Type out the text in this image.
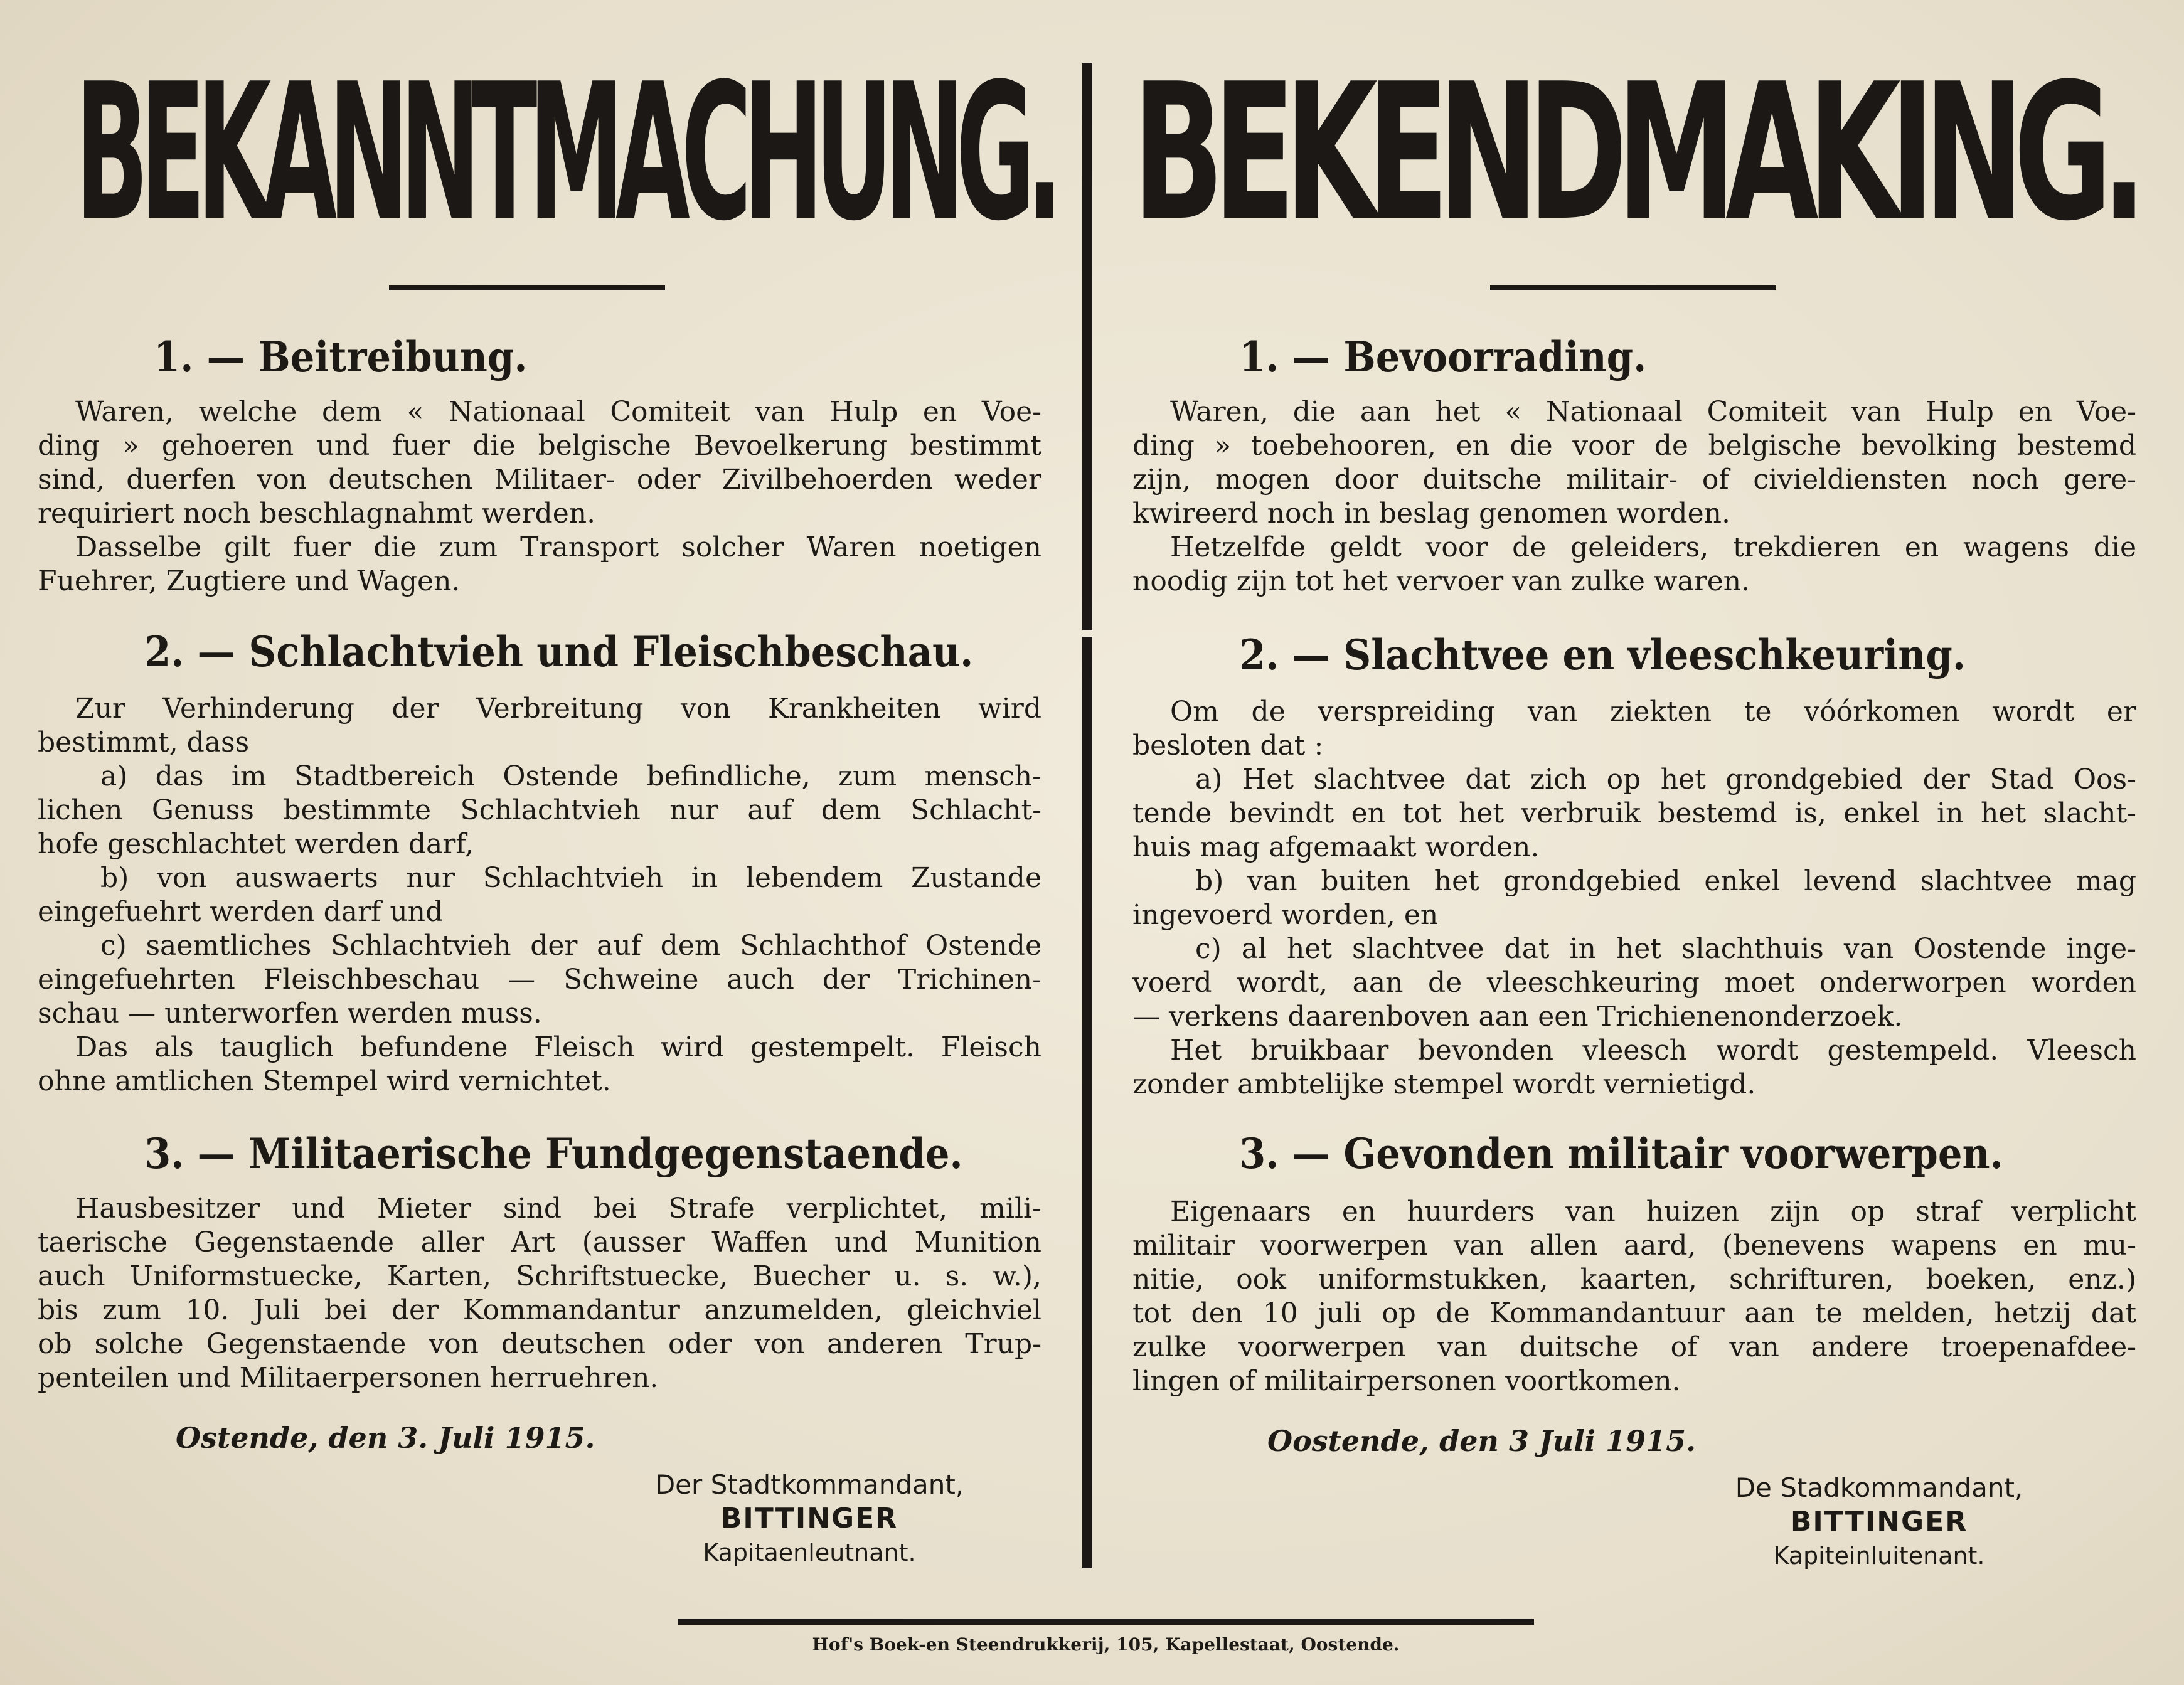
BEKANNTMACHUNG.
1. — Beitreibung.
Waren, welche dem « Nationaal Comiteit van Hulp en Voe-
ding » gehoeren und fuer die belgische Bevoelkerung bestimmt
sind, duerfen von deutschen Militaer- oder Zivilbehoerden weder
requiriert noch beschlagnahmt werden.
Dasselbe gilt fuer die zum Transport solcher Waren noetigen
Fuehrer, Zugtiere und Wagen.
2. — Schlachtvieh und Fleischbeschau.
Zur Verhinderung der Verbreitung von Krankheiten wird
bestimmt, dass
a) das im Stadtbereich Ostende befindliche, zum mensch-
lichen Genuss bestimmte Schlachtvieh nur auf dem Schlacht-
hofe geschlachtet werden darf,
b) von auswaerts nur Schlachtvieh in lebendem Zustande
eingefuehrt werden darf und
c) saemtliches Schlachtvieh der auf dem Schlachthof Ostende
eingefuehrten Fleischbeschau — Schweine auch der Trichinen-
schau — unterworfen werden muss.
Das als tauglich befundene Fleisch wird gestempelt. Fleisch
ohne amtlichen Stempel wird vernichtet.
3. — Militaerische Fundgegenstaende.
Hausbesitzer und Mieter sind bei Strafe verplichtet, mili-
taerische Gegenstaende aller Art (ausser Waffen und Munition
auch Uniformstuecke, Karten, Schriftstuecke, Buecher u. s. w.),
bis zum 10. Juli bei der Kommandantur anzumelden, gleichviel
ob solche Gegenstaende von deutschen oder von anderen Trup-
penteilen und Militaerpersonen herruehren.
Ostende, den 3. Juli 1915.
Der Stadtkommandant,
BITTINGER
Kapitaenleutnant.
BEKENDMAKING.
1. — Bevoorrading.
Waren, die aan het « Nationaal Comiteit van Hulp en Voe-
ding » toebehooren, en die voor de belgische bevolking bestemd
zijn, mogen door duitsche militair- of civieldiensten noch gere-
kwireerd noch in beslag genomen worden.
Hetzelfde geldt voor de geleiders, trekdieren en wagens die
noodig zijn tot het vervoer van zulke waren.
2. — Slachtvee en vleeschkeuring.
Om de verspreiding van ziekten te vóórkomen wordt er
besloten dat :
a) Het slachtvee dat zich op het grondgebied der Stad Oos-
tende bevindt en tot het verbruik bestemd is, enkel in het slacht-
huis mag afgemaakt worden.
b) van buiten het grondgebied enkel levend slachtvee mag
ingevoerd worden, en
c) al het slachtvee dat in het slachthuis van Oostende inge-
voerd wordt, aan de vleeschkeuring moet onderworpen worden
— verkens daarenboven aan een Trichienenonderzoek.
Het bruikbaar bevonden vleesch wordt gestempeld. Vleesch
zonder ambtelijke stempel wordt vernietigd.
3. — Gevonden militair voorwerpen.
Eigenaars en huurders van huizen zijn op straf verplicht
militair voorwerpen van allen aard, (benevens wapens en mu-
nitie, ook uniformstukken, kaarten, schrifturen, boeken, enz.)
tot den 10 juli op de Kommandantuur aan te melden, hetzij dat
zulke voorwerpen van duitsche of van andere troepenafdee-
lingen of militairpersonen voortkomen.
Oostende, den 3 Juli 1915.
De Stadkommandant,
BITTINGER
Kapiteinluitenant.
Hof's Boek-en Steendrukkerij, 105, Kapellestaat, Oostende.
